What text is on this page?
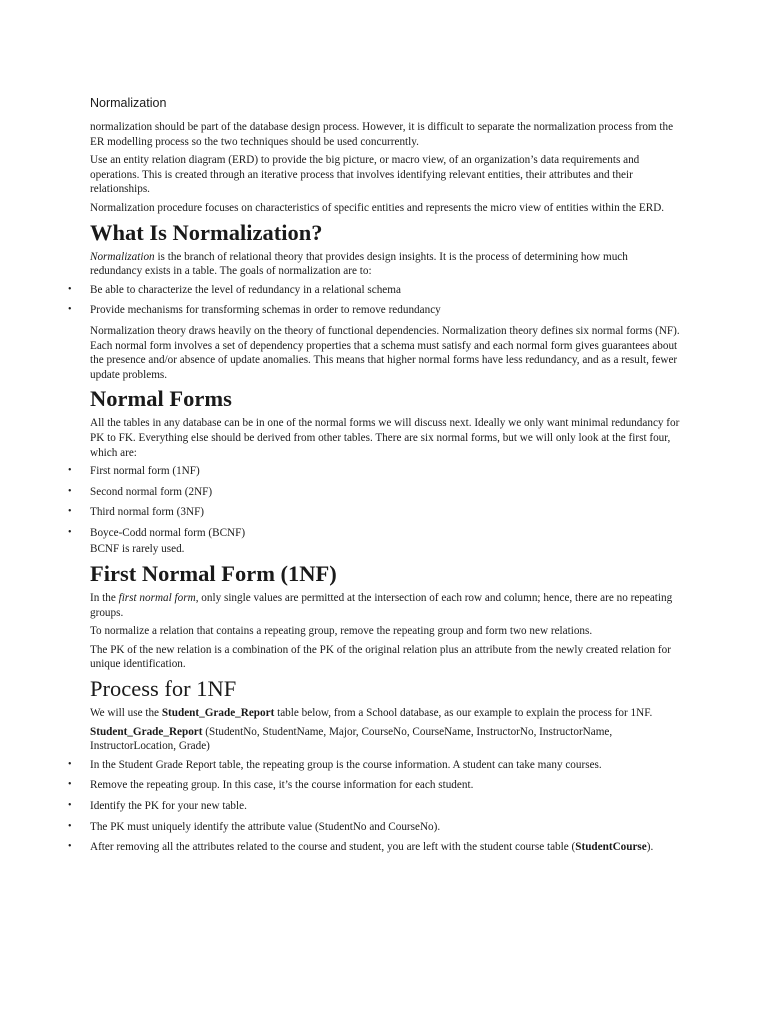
Normalization

normalization should be part of the database design process. However, it is difficult to separate the normalization process from the ER modelling process so the two techniques should be used concurrently.

Use an entity relation diagram (ERD) to provide the big picture, or macro view, of an organization’s data requirements and operations. This is created through an iterative process that involves identifying relevant entities, their attributes and their relationships.

Normalization procedure focuses on characteristics of specific entities and represents the micro view of entities within the ERD.

What Is Normalization?

Normalization is the branch of relational theory that provides design insights. It is the process of determining how much redundancy exists in a table. The goals of normalization are to:

• Be able to characterize the level of redundancy in a relational schema
• Provide mechanisms for transforming schemas in order to remove redundancy

Normalization theory draws heavily on the theory of functional dependencies. Normalization theory defines six normal forms (NF). Each normal form involves a set of dependency properties that a schema must satisfy and each normal form gives guarantees about the presence and/or absence of update anomalies. This means that higher normal forms have less redundancy, and as a result, fewer update problems.

Normal Forms

All the tables in any database can be in one of the normal forms we will discuss next. Ideally we only want minimal redundancy for PK to FK. Everything else should be derived from other tables. There are six normal forms, but we will only look at the first four, which are:

• First normal form (1NF)
• Second normal form (2NF)
• Third normal form (3NF)
• Boyce-Codd normal form (BCNF)

BCNF is rarely used.

First Normal Form (1NF)

In the first normal form, only single values are permitted at the intersection of each row and column; hence, there are no repeating groups.

To normalize a relation that contains a repeating group, remove the repeating group and form two new relations.

The PK of the new relation is a combination of the PK of the original relation plus an attribute from the newly created relation for unique identification.

Process for 1NF

We will use the Student_Grade_Report table below, from a School database, as our example to explain the process for 1NF.

Student_Grade_Report (StudentNo, StudentName, Major, CourseNo, CourseName, InstructorNo, InstructorName, InstructorLocation, Grade)

• In the Student Grade Report table, the repeating group is the course information. A student can take many courses.
• Remove the repeating group. In this case, it’s the course information for each student.
• Identify the PK for your new table.
• The PK must uniquely identify the attribute value (StudentNo and CourseNo).
• After removing all the attributes related to the course and student, you are left with the student course table (StudentCourse).
